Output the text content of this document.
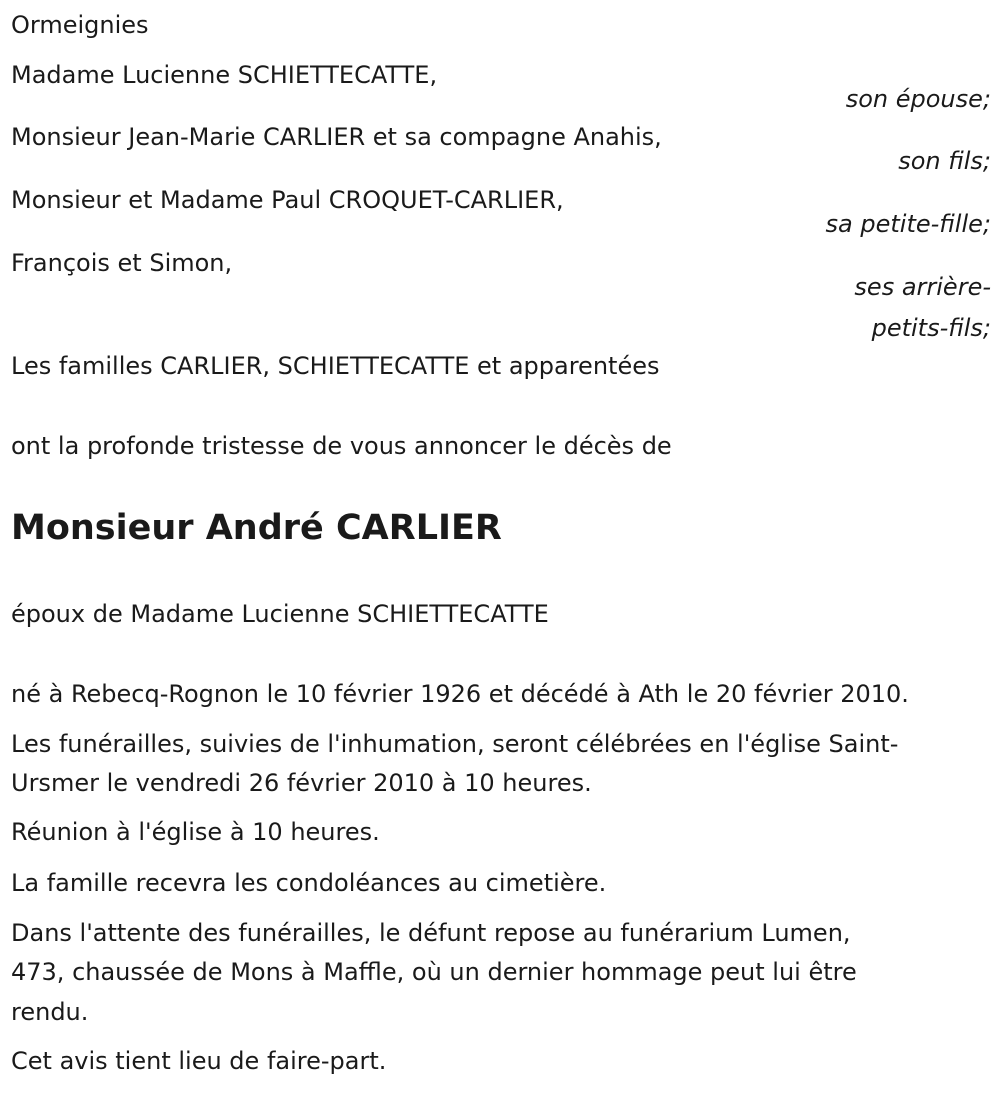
Ormeignies
Madame Lucienne SCHIETTECATTE,
son épouse;
Monsieur Jean-Marie CARLIER et sa compagne Anahis,
son fils;
Monsieur et Madame Paul CROQUET-CARLIER,
sa petite-fille;
François et Simon,
ses arrière-
petits-fils;
Les familles CARLIER, SCHIETTECATTE et apparentées
ont la profonde tristesse de vous annoncer le décès de
Monsieur André CARLIER
époux de Madame Lucienne SCHIETTECATTE
né à Rebecq-Rognon le 10 février 1926 et décédé à Ath le 20 février 2010.
Les funérailles, suivies de l'inhumation, seront célébrées en l'église Saint-
Ursmer le vendredi 26 février 2010 à 10 heures.
Réunion à l'église à 10 heures.
La famille recevra les condoléances au cimetière.
Dans l'attente des funérailles, le défunt repose au funérarium Lumen,
473, chaussée de Mons à Maffle, où un dernier hommage peut lui être
rendu.
Cet avis tient lieu de faire-part.
